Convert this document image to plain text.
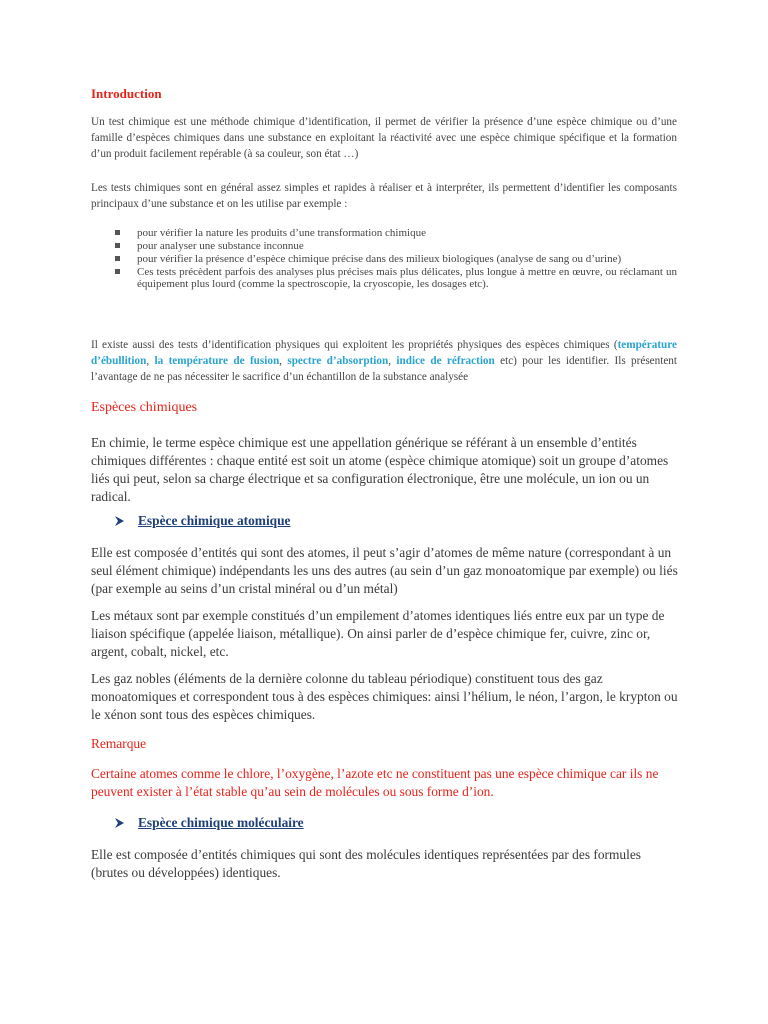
Introduction
Un test chimique est une méthode chimique d’identification, il permet de vérifier la présence d’une espèce chimique ou d’une famille d’espèces chimiques dans une substance en exploitant la réactivité avec une espèce chimique spécifique et la formation d’un produit facilement repérable (à sa couleur, son état …)
Les tests chimiques sont en général assez simples et rapides à réaliser et à interpréter, ils permettent d’identifier les composants principaux d’une substance et on les utilise par exemple :
pour vérifier la nature les produits d’une transformation chimique
pour analyser une substance inconnue
pour vérifier la présence d’espèce chimique précise dans des milieux biologiques (analyse de sang ou d’urine)
Ces tests précèdent parfois des analyses plus précises mais plus délicates, plus longue à mettre en œuvre, ou réclamant un équipement plus lourd (comme la spectroscopie, la cryoscopie, les dosages etc).
Il existe aussi des tests d’identification physiques qui exploitent les propriétés physiques des espèces chimiques (température d’ébullition, la température de fusion, spectre d’absorption, indice de réfraction etc) pour les identifier. Ils présentent l’avantage de ne pas nécessiter le sacrifice d’un échantillon de la substance analysée
Espèces chimiques
En chimie, le terme espèce chimique est une appellation générique se référant à un ensemble d’entités chimiques différentes : chaque entité est soit un atome (espèce chimique atomique) soit un groupe d’atomes liés qui peut, selon sa charge électrique et sa configuration électronique, être une molécule, un ion ou un radical.
Espèce chimique atomique
Elle est composée d’entités qui sont des atomes, il peut s’agir d’atomes de même nature (correspondant à un seul élément chimique) indépendants les uns des autres (au sein d’un gaz monoatomique par exemple) ou liés (par exemple au seins d’un cristal minéral ou d’un métal)
Les métaux sont par exemple constitués d’un empilement d’atomes identiques liés entre eux par un type de liaison spécifique (appelée liaison, métallique). On ainsi parler de d’espèce chimique fer, cuivre, zinc or, argent, cobalt, nickel, etc.
Les gaz nobles (éléments de la dernière colonne du tableau périodique) constituent tous des gaz monoatomiques et correspondent tous à des espèces chimiques: ainsi l’hélium, le néon, l’argon, le krypton ou le xénon sont tous des espèces chimiques.
Remarque
Certaine atomes comme le chlore, l’oxygène, l’azote etc ne constituent pas une espèce chimique car ils ne peuvent exister à l’état stable qu’au sein de molécules ou sous forme d’ion.
Espèce chimique moléculaire
Elle est composée d’entités chimiques qui sont des molécules identiques représentées par des formules (brutes ou développées) identiques.
